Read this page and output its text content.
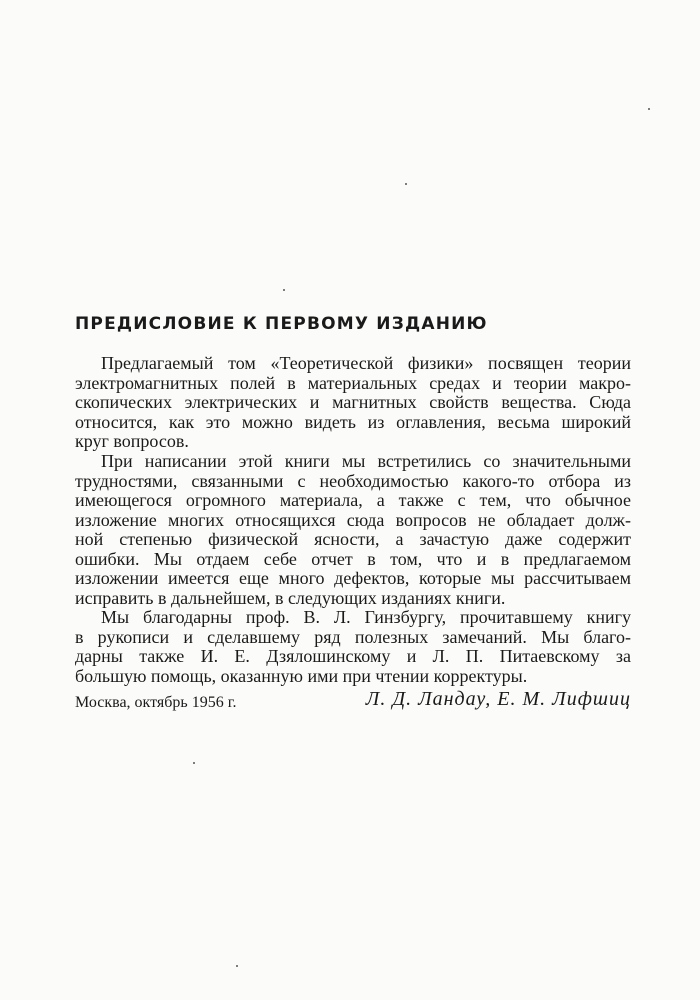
ПРЕДИСЛОВИЕ К ПЕРВОМУ ИЗДАНИЮ
Предлагаемый том «Теоретической физики» посвящен теории
электромагнитных полей в материальных средах и теории макро-
скопических электрических и магнитных свойств вещества. Сюда
относится, как это можно видеть из оглавления, весьма широкий
круг вопросов.
При написании этой книги мы встретились со значительными
трудностями, связанными с необходимостью какого-то отбора из
имеющегося огромного материала, а также с тем, что обычное
изложение многих относящихся сюда вопросов не обладает долж-
ной степенью физической ясности, а зачастую даже содержит
ошибки. Мы отдаем себе отчет в том, что и в предлагаемом
изложении имеется еще много дефектов, которые мы рассчитываем
исправить в дальнейшем, в следующих изданиях книги.
Мы благодарны проф. В. Л. Гинзбургу, прочитавшему книгу
в рукописи и сделавшему ряд полезных замечаний. Мы благо-
дарны также И. Е. Дзялошинскому и Л. П. Питаевскому за
большую помощь, оказанную ими при чтении корректуры.
Москва, октябрь 1956 г.	Л. Д. Ландау, Е. М. Лифшиц
